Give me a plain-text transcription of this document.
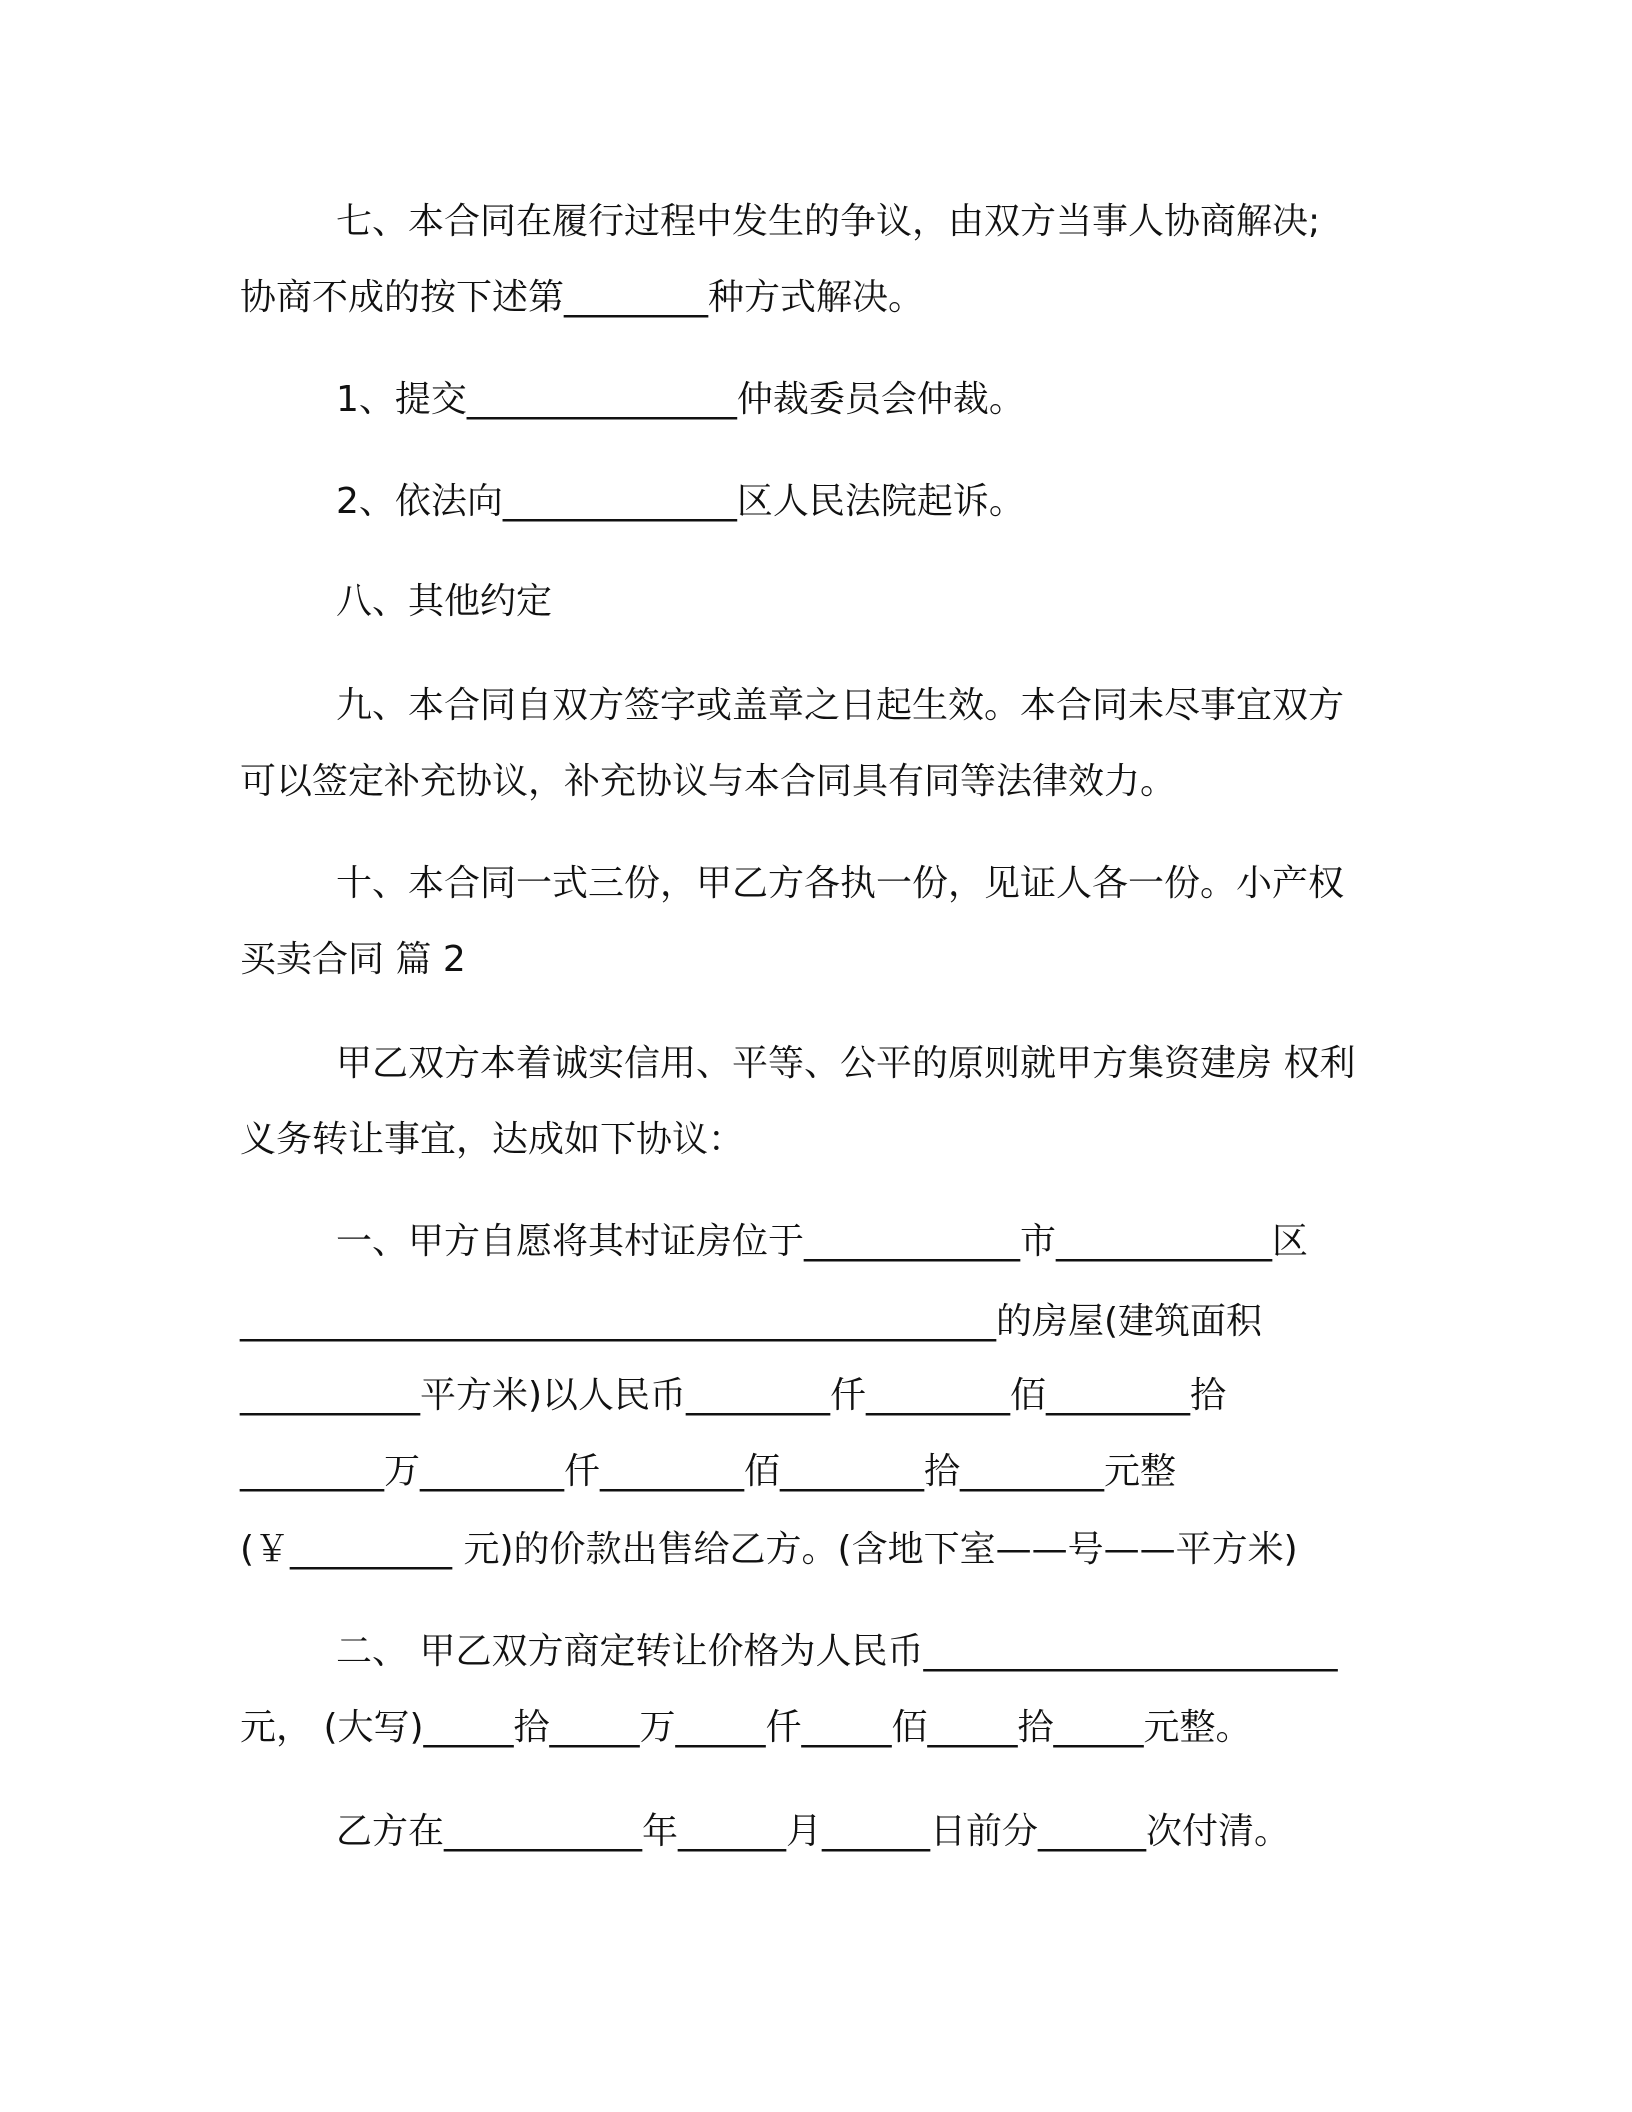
七、本合同在履行过程中发生的争议，由双方当事人协商解决;
协商不成的按下述第________种方式解决。
1、提交_______________仲裁委员会仲裁。
2、依法向_____________区人民法院起诉。
八、其他约定
九、本合同自双方签字或盖章之日起生效。本合同未尽事宜双方
可以签定补充协议，补充协议与本合同具有同等法律效力。
十、本合同一式三份，甲乙方各执一份，见证人各一份。小产权
买卖合同 篇 2
甲乙双方本着诚实信用、平等、公平的原则就甲方集资建房 权利
义务转让事宜，达成如下协议：
一、甲方自愿将其村证房位于____________市____________区
__________________________________________的房屋(建筑面积
__________平方米)以人民币________仟________佰________拾
________万________仟________佰________拾________元整
(￥_________ 元)的价款出售给乙方。(含地下室——号——平方米)
二、 甲乙双方商定转让价格为人民币_______________________
元， (大写)_____拾_____万_____仟_____佰_____拾_____元整。
乙方在___________年______月______日前分______次付清。
